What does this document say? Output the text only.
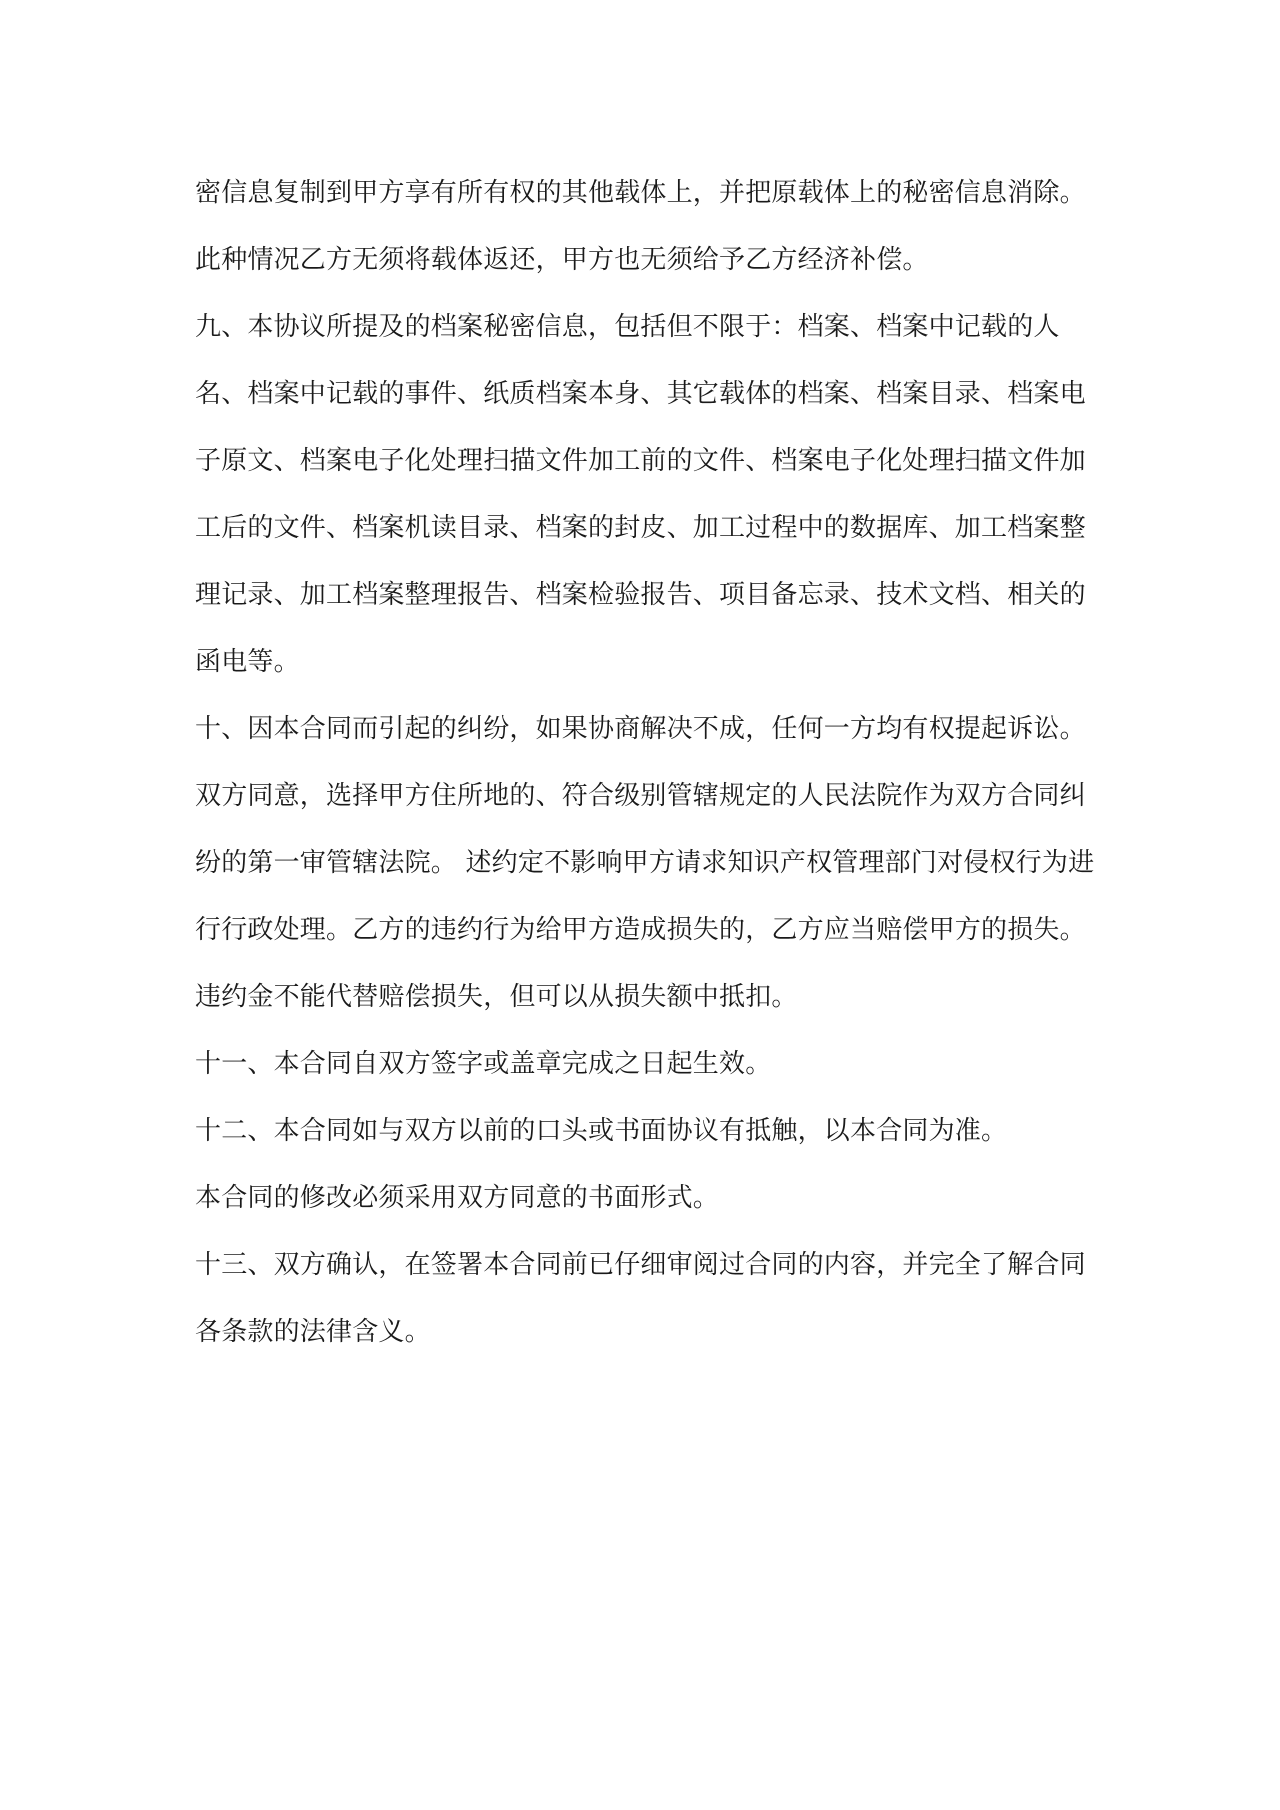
密信息复制到甲方享有所有权的其他载体上，并把原载体上的秘密信息消除。
此种情况乙方无须将载体返还，甲方也无须给予乙方经济补偿。
九、本协议所提及的档案秘密信息，包括但不限于：档案、档案中记载的人
名、档案中记载的事件、纸质档案本身、其它载体的档案、档案目录、档案电
子原文、档案电子化处理扫描文件加工前的文件、档案电子化处理扫描文件加
工后的文件、档案机读目录、档案的封皮、加工过程中的数据库、加工档案整
理记录、加工档案整理报告、档案检验报告、项目备忘录、技术文档、相关的
函电等。
十、因本合同而引起的纠纷，如果协商解决不成，任何一方均有权提起诉讼。
双方同意，选择甲方住所地的、符合级别管辖规定的人民法院作为双方合同纠
纷的第一审管辖法院。 述约定不影响甲方请求知识产权管理部门对侵权行为进
行行政处理。乙方的违约行为给甲方造成损失的，乙方应当赔偿甲方的损失。
违约金不能代替赔偿损失，但可以从损失额中抵扣。
十一、本合同自双方签字或盖章完成之日起生效。
十二、本合同如与双方以前的口头或书面协议有抵触，以本合同为准。
本合同的修改必须采用双方同意的书面形式。
十三、双方确认，在签署本合同前已仔细审阅过合同的内容，并完全了解合同
各条款的法律含义。
